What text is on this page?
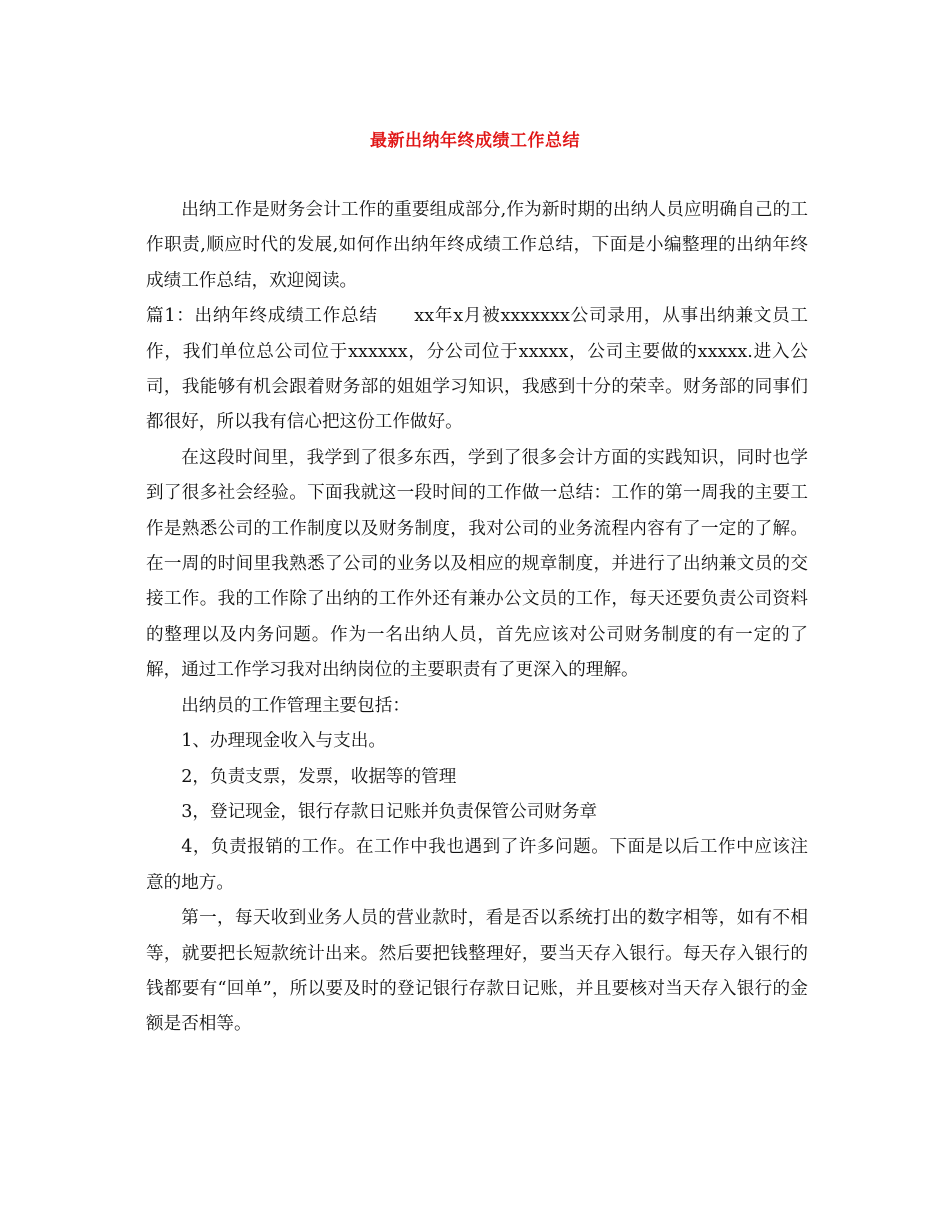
最新出纳年终成绩工作总结

出纳工作是财务会计工作的重要组成部分,作为新时期的出纳人员应明确自己的工作职责,顺应时代的发展,如何作出纳年终成绩工作总结，下面是小编整理的出纳年终成绩工作总结，欢迎阅读。

篇1：出纳年终成绩工作总结　　xx年x月被xxxxxxx公司录用，从事出纳兼文员工作，我们单位总公司位于xxxxxx，分公司位于xxxxx，公司主要做的xxxxx.进入公司，我能够有机会跟着财务部的姐姐学习知识，我感到十分的荣幸。财务部的同事们都很好，所以我有信心把这份工作做好。

在这段时间里，我学到了很多东西，学到了很多会计方面的实践知识，同时也学到了很多社会经验。下面我就这一段时间的工作做一总结：工作的第一周我的主要工作是熟悉公司的工作制度以及财务制度，我对公司的业务流程内容有了一定的了解。在一周的时间里我熟悉了公司的业务以及相应的规章制度，并进行了出纳兼文员的交接工作。我的工作除了出纳的工作外还有兼办公文员的工作，每天还要负责公司资料的整理以及内务问题。作为一名出纳人员，首先应该对公司财务制度的有一定的了解，通过工作学习我对出纳岗位的主要职责有了更深入的理解。

出纳员的工作管理主要包括：

1、办理现金收入与支出。

2，负责支票，发票，收据等的管理

3，登记现金，银行存款日记账并负责保管公司财务章

4，负责报销的工作。在工作中我也遇到了许多问题。下面是以后工作中应该注意的地方。

第一，每天收到业务人员的营业款时，看是否以系统打出的数字相等，如有不相等，就要把长短款统计出来。然后要把钱整理好，要当天存入银行。每天存入银行的钱都要有“回单”，所以要及时的登记银行存款日记账，并且要核对当天存入银行的金额是否相等。
